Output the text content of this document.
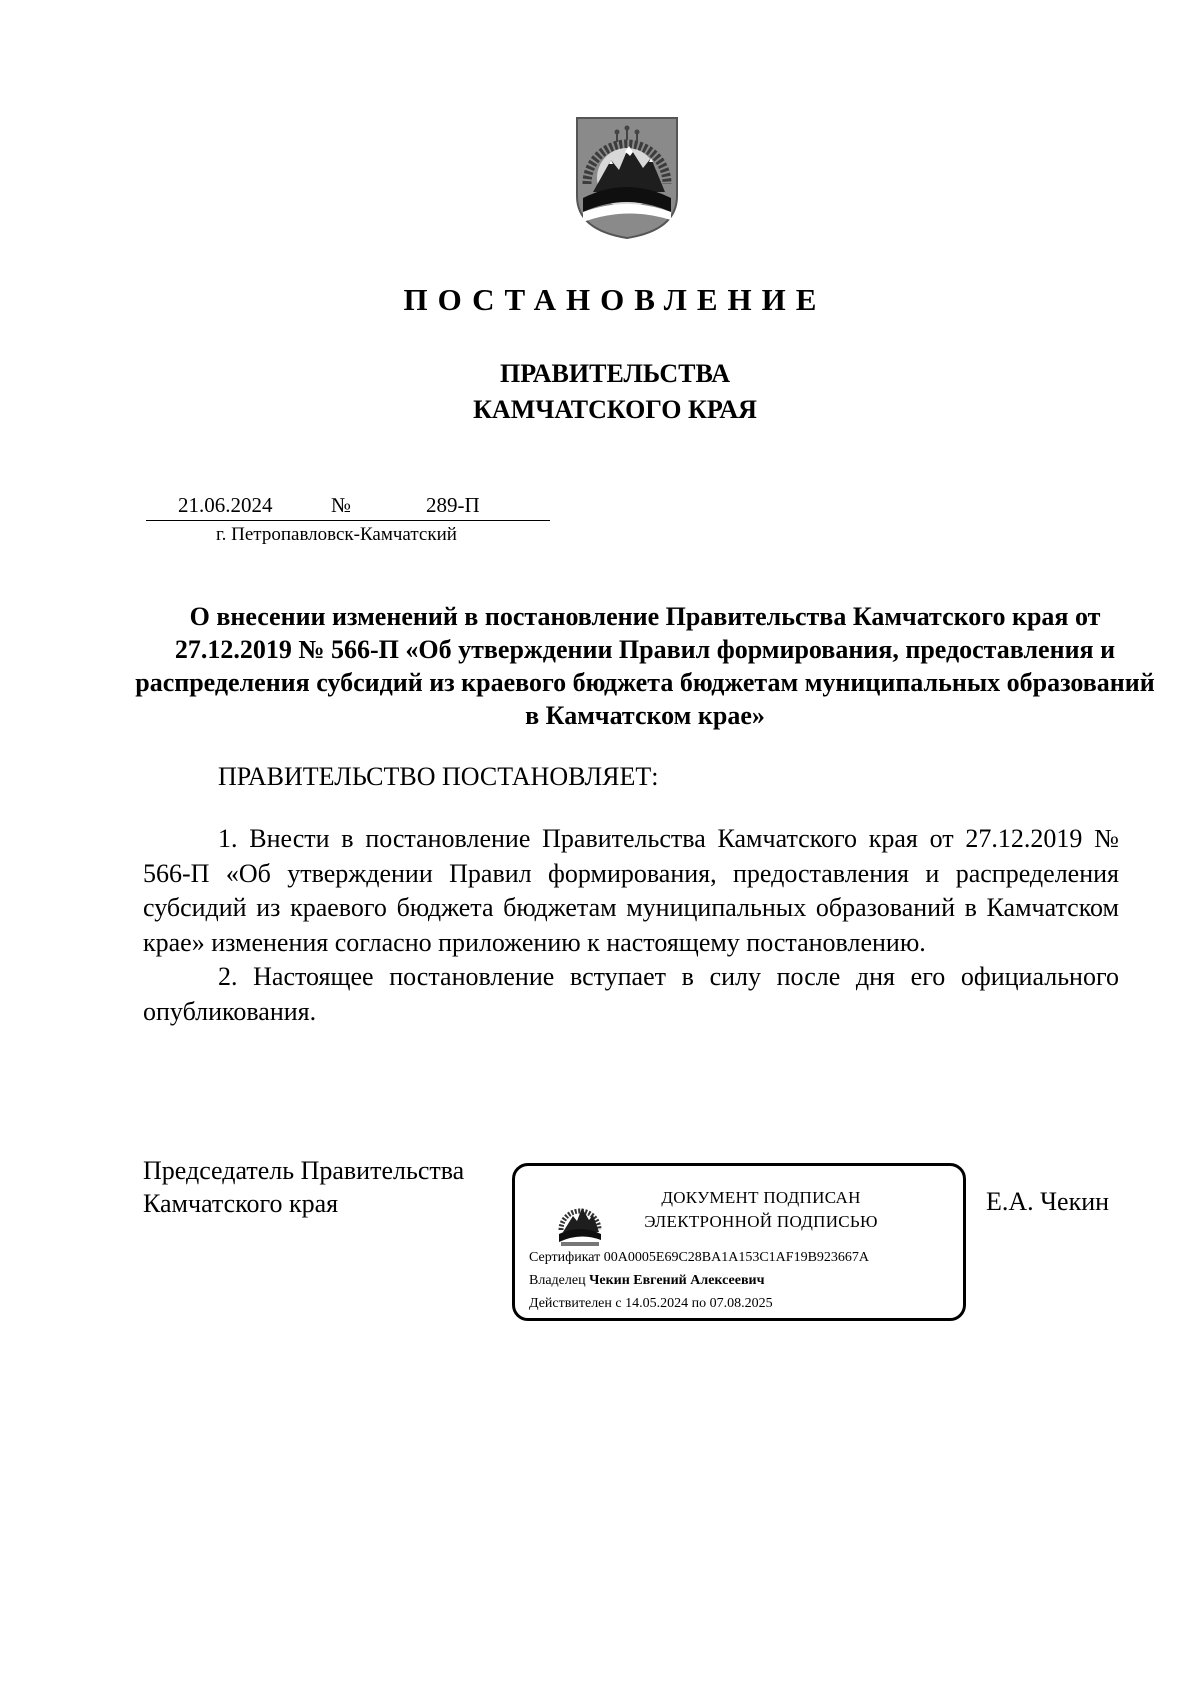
ПОСТАНОВЛЕНИЕ
ПРАВИТЕЛЬСТВА
КАМЧАТСКОГО КРАЯ
21.06.2024	№	289-П
г. Петропавловск-Камчатский
О внесении изменений в постановление Правительства Камчатского края от 27.12.2019 № 566-П «Об утверждении Правил формирования, предоставления и распределения субсидий из краевого бюджета бюджетам муниципальных образований в Камчатском крае»
ПРАВИТЕЛЬСТВО ПОСТАНОВЛЯЕТ:

1. Внести в постановление Правительства Камчатского края от 27.12.2019 № 566-П «Об утверждении Правил формирования, предоставления и распределения субсидий из краевого бюджета бюджетам муниципальных образований в Камчатском крае» изменения согласно приложению к настоящему постановлению.

2. Настоящее постановление вступает в силу после дня его официального опубликования.

Председатель Правительства
Камчатского края	ДОКУМЕНТ ПОДПИСАН
ЭЛЕКТРОННОЙ ПОДПИСЬЮ
Сертификат 00A0005E69C28BA1A153C1AF19B923667A
Владелец Чекин Евгений Алексеевич
Действителен с 14.05.2024 по 07.08.2025
Е.А. Чекин
